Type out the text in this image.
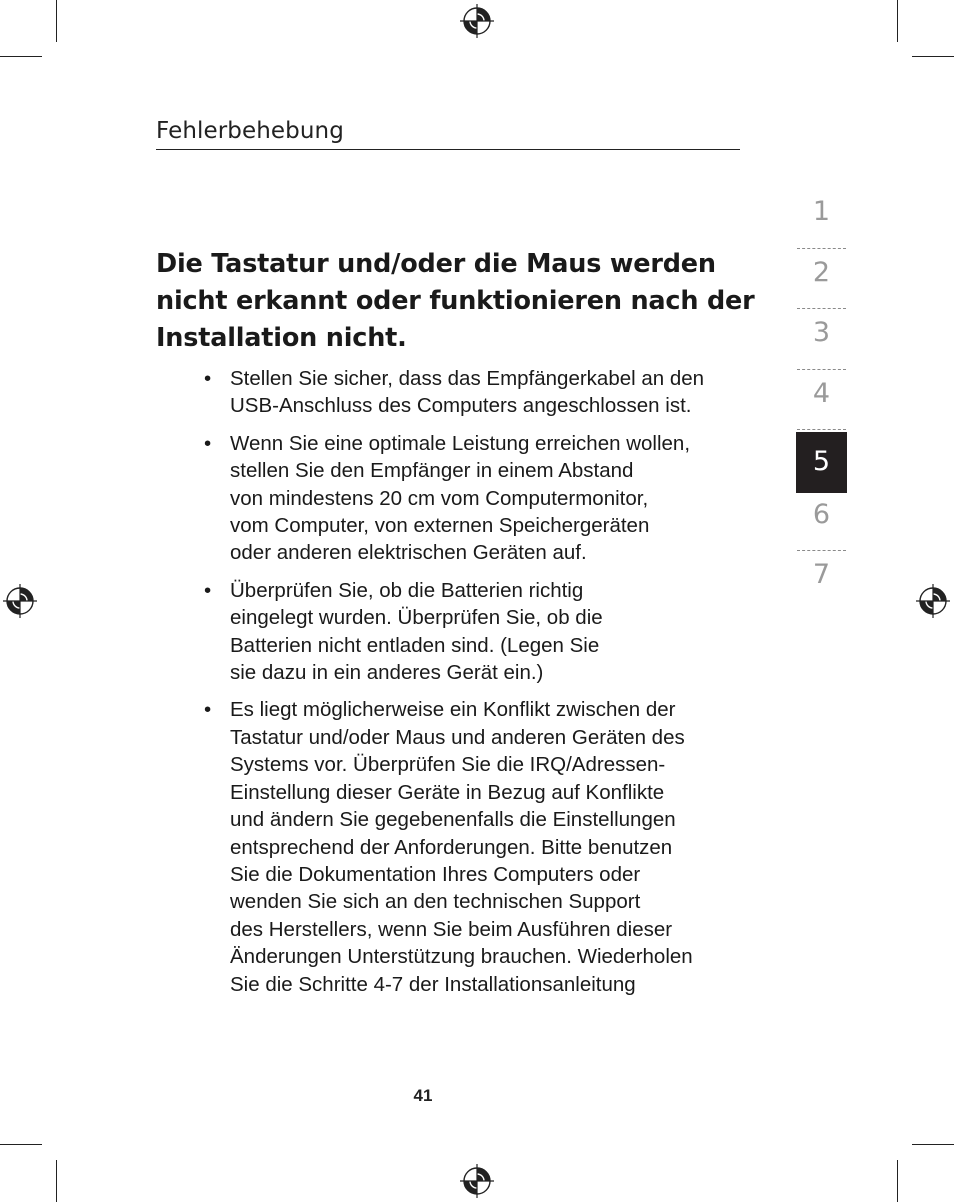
Fehlerbehebung
1
2
3
4
5
6
7
Die Tastatur und/oder die Maus werden
nicht erkannt oder funktionieren nach der
Installation nicht.
• Stellen Sie sicher, dass das Empfängerkabel an den
USB-Anschluss des Computers angeschlossen ist.
• Wenn Sie eine optimale Leistung erreichen wollen,
stellen Sie den Empfänger in einem Abstand
von mindestens 20 cm vom Computermonitor,
vom Computer, von externen Speichergeräten
oder anderen elektrischen Geräten auf.
• Überprüfen Sie, ob die Batterien richtig
eingelegt wurden. Überprüfen Sie, ob die
Batterien nicht entladen sind. (Legen Sie
sie dazu in ein anderes Gerät ein.)
• Es liegt möglicherweise ein Konflikt zwischen der
Tastatur und/oder Maus und anderen Geräten des
Systems vor. Überprüfen Sie die IRQ/Adressen-
Einstellung dieser Geräte in Bezug auf Konflikte
und ändern Sie gegebenenfalls die Einstellungen
entsprechend der Anforderungen. Bitte benutzen
Sie die Dokumentation Ihres Computers oder
wenden Sie sich an den technischen Support
des Herstellers, wenn Sie beim Ausführen dieser
Änderungen Unterstützung brauchen. Wiederholen
Sie die Schritte 4-7 der Installationsanleitung
41
